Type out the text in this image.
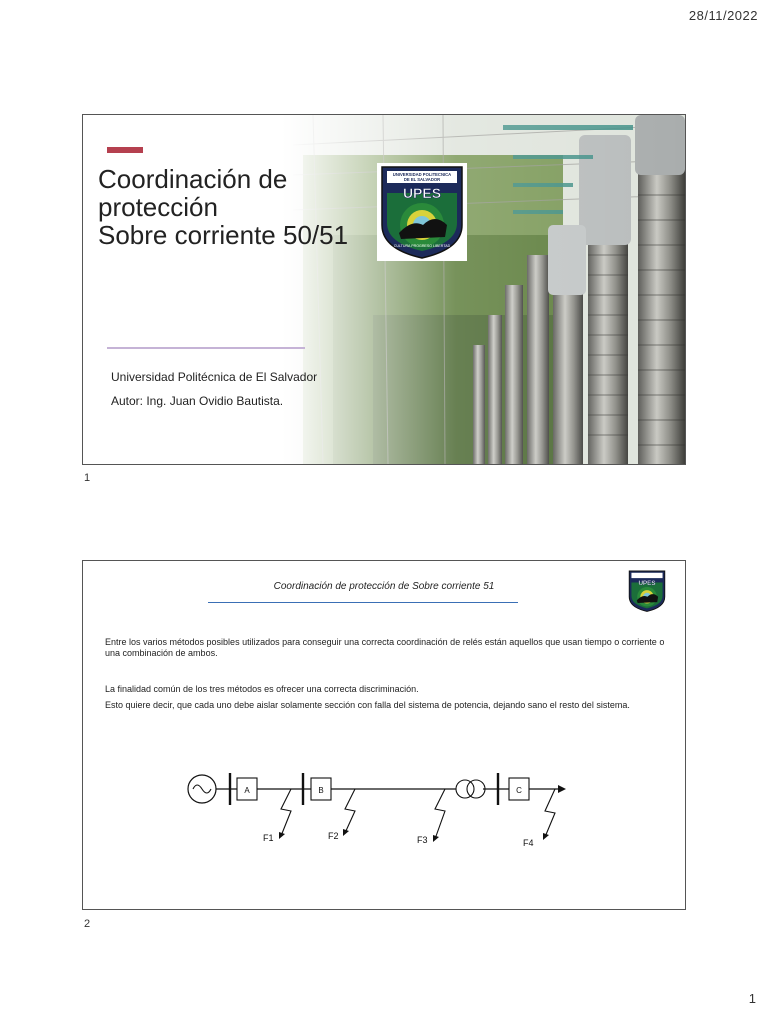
28/11/2022
Coordinación de
protección
Sobre corriente 50/51
UNIVERSIDAD POLITECNICA
DE EL SALVADOR
UPES
CULTURA PROGRESO LIBERTAD
Universidad Politécnica de El Salvador
Autor: Ing. Juan Ovidio Bautista.
1
Coordinación de protección de Sobre corriente 51	UPES
Entre los varios métodos posibles utilizados para conseguir una correcta coordinación de relés están aquellos que usan tiempo o corriente o una combinación de ambos.
La finalidad común de los tres métodos es ofrecer una correcta discriminación.
Esto quiere decir, que cada uno debe aislar solamente sección con falla del sistema de potencia, dejando sano el resto del sistema.
A	B	C
F1	F2	F3	F4
2
1
